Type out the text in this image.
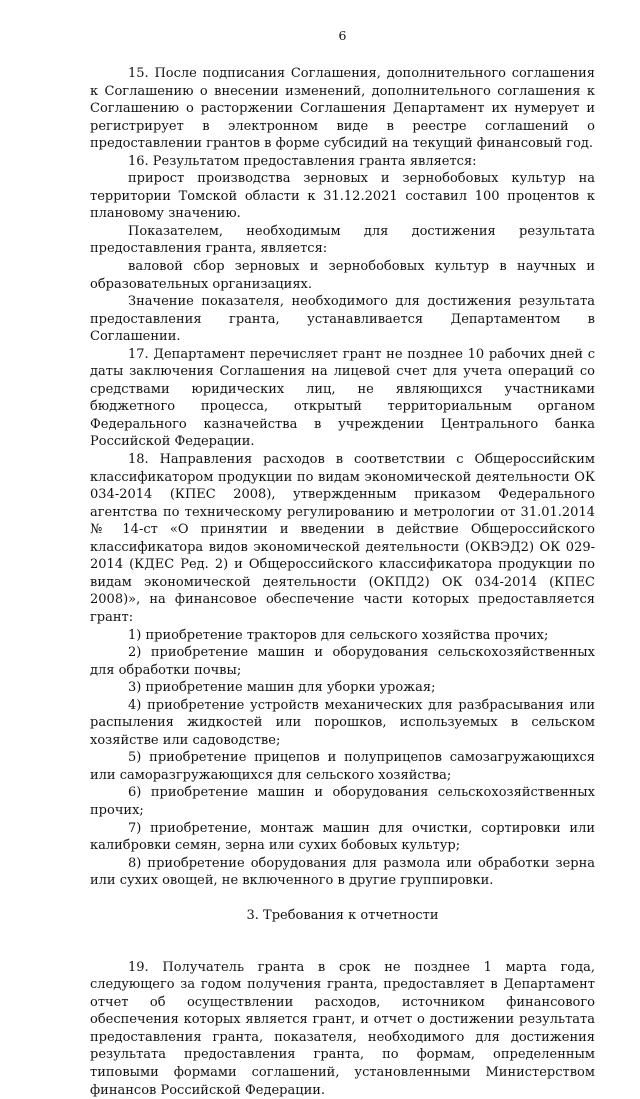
6

15. После подписания Соглашения, дополнительного соглашения к Соглашению о внесении изменений, дополнительного соглашения к Соглашению о расторжении Соглашения Департамент их нумерует и регистрирует в электронном виде в реестре соглашений о предоставлении грантов в форме субсидий на текущий финансовый год.

16. Результатом предоставления гранта является:

прирост производства зерновых и зернобобовых культур на территории Томской области к 31.12.2021 составил 100 процентов к плановому значению.

Показателем, необходимым для достижения результата предоставления гранта, является:

валовой сбор зерновых и зернобобовых культур в научных и образовательных организациях.

Значение показателя, необходимого для достижения результата предоставления гранта, устанавливается Департаментом в Соглашении.

17. Департамент перечисляет грант не позднее 10 рабочих дней с даты заключения Соглашения на лицевой счет для учета операций со средствами юридических лиц, не являющихся участниками бюджетного процесса, открытый территориальным органом Федерального казначейства в учреждении Центрального банка Российской Федерации.

18. Направления расходов в соответствии с Общероссийским классификатором продукции по видам экономической деятельности ОК 034-2014 (КПЕС 2008), утвержденным приказом Федерального агентства по техническому регулированию и метрологии от 31.01.2014 № 14-ст «О принятии и введении в действие Общероссийского классификатора видов экономической деятельности (ОКВЭД2) ОК 029-2014 (КДЕС Ред. 2) и Общероссийского классификатора продукции по видам экономической деятельности (ОКПД2) ОК 034-2014 (КПЕС 2008)», на финансовое обеспечение части которых предоставляется грант:

1) приобретение тракторов для сельского хозяйства прочих;

2) приобретение машин и оборудования сельскохозяйственных для обработки почвы;

3) приобретение машин для уборки урожая;

4) приобретение устройств механических для разбрасывания или распыления жидкостей или порошков, используемых в сельском хозяйстве или садоводстве;

5) приобретение прицепов и полуприцепов самозагружающихся или саморазгружающихся для сельского хозяйства;

6) приобретение машин и оборудования сельскохозяйственных прочих;

7) приобретение, монтаж машин для очистки, сортировки или калибровки семян, зерна или сухих бобовых культур;

8) приобретение оборудования для размола или обработки зерна или сухих овощей, не включенного в другие группировки.

3. Требования к отчетности

19. Получатель гранта в срок не позднее 1 марта года, следующего за годом получения гранта, предоставляет в Департамент отчет об осуществлении расходов, источником финансового обеспечения которых является грант, и отчет о достижении результата предоставления гранта, показателя, необходимого для достижения результата предоставления гранта, по формам, определенным типовыми формами соглашений, установленными Министерством финансов Российской Федерации.
